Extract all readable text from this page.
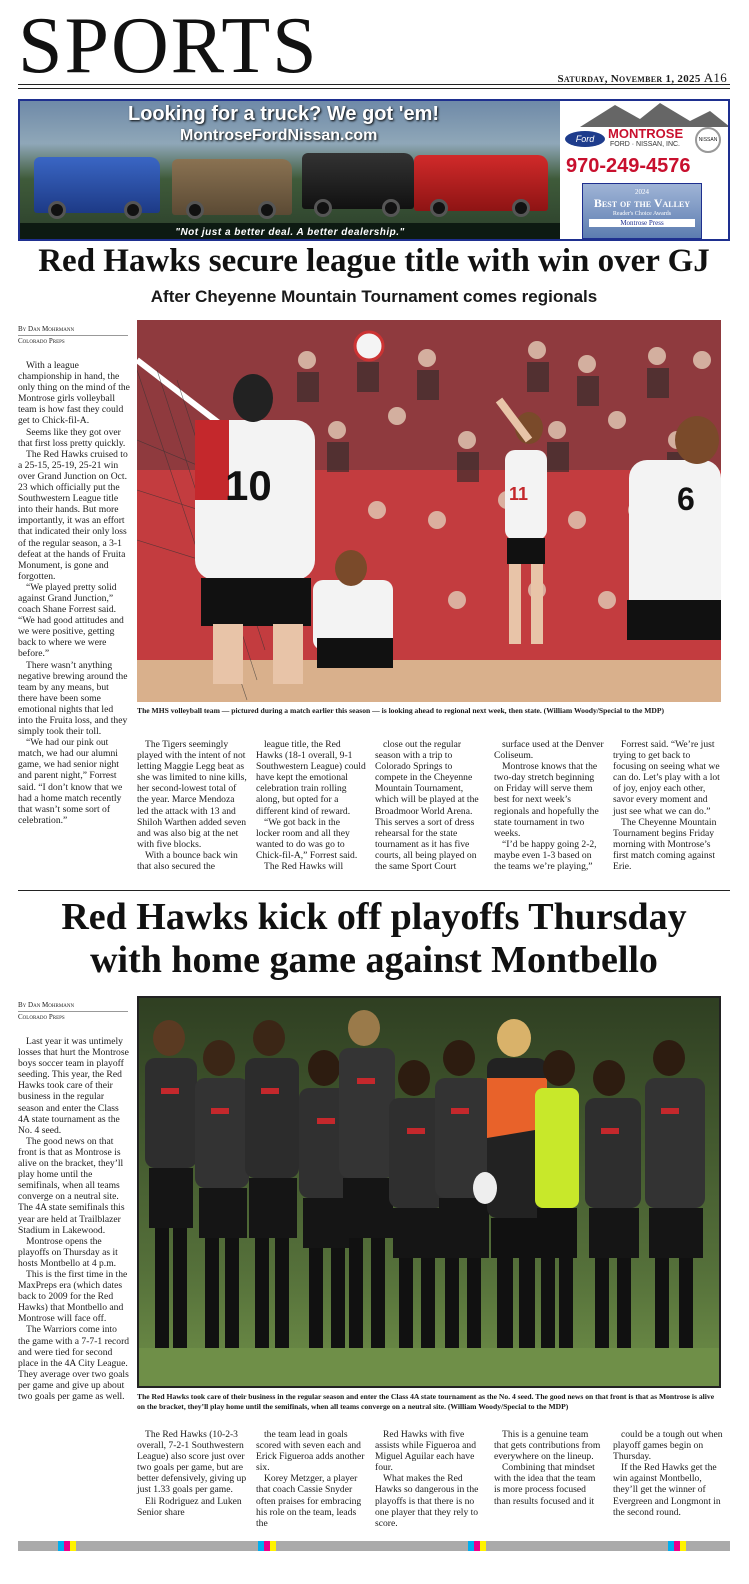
SPORTS	Saturday, November 1, 2025 A16
Looking for a truck? We got 'em!
MontroseFordNissan.com
"Not just a better deal. A better dealership."
Ford	MONTROSE
FORD · NISSAN, INC.
NISSAN
970-249-4576
2024
Best of the Valley
Reader's Choice Awards
Montrose Press
Red Hawks secure league title with win over GJ
After Cheyenne Mountain Tournament comes regionals
By Dan Mohrmann
Colorado Preps

With a league championship in hand, the only thing on the mind of the Montrose girls volleyball team is how fast they could get to Chick-fil-A.

Seems like they got over that first loss pretty quickly.

The Red Hawks cruised to a 25-15, 25-19, 25-21 win over Grand Junction on Oct. 23 which officially put the Southwestern League title into their hands. But more importantly, it was an effort that indicated their only loss of the regular season, a 3-1 defeat at the hands of Fruita Monument, is gone and forgotten.

“We played pretty solid against Grand Junction,” coach Shane Forrest said. “We had good attitudes and we were positive, getting back to where we were before.”

There wasn’t anything negative brewing around the team by any means, but there have been some emotional nights that led into the Fruita loss, and they simply took their toll.

“We had our pink out match, we had our alumni game, we had senior night and parent night,” Forrest said. “I don’t know that we had a home match recently that wasn’t some sort of celebration.”

10	11	6
The MHS volleyball team — pictured during a match earlier this season — is looking ahead to regional next week, then state. (William Woody/Special to the MDP)

The Tigers seemingly played with the intent of not letting Maggie Legg beat as she was limited to nine kills, her second-lowest total of the year. Marce Mendoza led the attack with 13 and Shiloh Warthen added seven and was also big at the net with five blocks.

With a bounce back win that also secured the

league title, the Red Hawks (18-1 overall, 9-1 Southwestern League) could have kept the emotional celebration train rolling along, but opted for a different kind of reward.

“We got back in the locker room and all they wanted to do was go to Chick-fil-A,” Forrest said.

The Red Hawks will

close out the regular season with a trip to Colorado Springs to compete in the Cheyenne Mountain Tournament, which will be played at the Broadmoor World Arena. This serves a sort of dress rehearsal for the state tournament as it has five courts, all being played on the same Sport Court

surface used at the Denver Coliseum.

Montrose knows that the two-day stretch beginning on Friday will serve them best for next week’s regionals and hopefully the state tournament in two weeks.

“I’d be happy going 2-2, maybe even 1-3 based on the teams we’re playing,”

Forrest said. “We’re just trying to get back to focusing on seeing what we can do. Let’s play with a lot of joy, enjoy each other, savor every moment and just see what we can do.”

The Cheyenne Mountain Tournament begins Friday morning with Montrose’s first match coming against Erie.

Red Hawks kick off playoffs Thursday
with home game against Montbello
By Dan Mohrmann
Colorado Preps

Last year it was untimely losses that hurt the Montrose boys soccer team in playoff seeding. This year, the Red Hawks took care of their business in the regular season and enter the Class 4A state tournament as the No. 4 seed.

The good news on that front is that as Montrose is alive on the bracket, they’ll play home until the semifinals, when all teams converge on a neutral site. The 4A state semifinals this year are held at Trailblazer Stadium in Lakewood.

Montrose opens the playoffs on Thursday as it hosts Montbello at 4 p.m.

This is the first time in the MaxPreps era (which dates back to 2009 for the Red Hawks) that Montbello and Montrose will face off.

The Warriors come into the game with a 7-7-1 record and were tied for second place in the 4A City League. They average over two goals per game and give up about two goals per game as well.	The Red Hawks took care of their business in the regular season and enter the Class 4A state tournament as the No. 4 seed. The good news on that front is that as Montrose is alive on the bracket, they’ll play home until the semifinals, when all teams converge on a neutral site. (William Woody/Special to the MDP)

The Red Hawks (10-2-3 overall, 7-2-1 Southwestern League) also score just over two goals per game, but are better defensively, giving up just 1.33 goals per game.

Eli Rodriguez and Luken Senior share

the team lead in goals scored with seven each and Erick Figueroa adds another six.

Korey Metzger, a player that coach Cassie Snyder often praises for embracing his role on the team, leads the

Red Hawks with five assists while Figueroa and Miguel Aguilar each have four.

What makes the Red Hawks so dangerous in the playoffs is that there is no one player that they rely to score.

This is a genuine team that gets contributions from everywhere on the lineup.

Combining that mindset with the idea that the team is more process focused than results focused and it

could be a tough out when playoff games begin on Thursday.

If the Red Hawks get the win against Montbello, they’ll get the winner of Evergreen and Longmont in the second round.
